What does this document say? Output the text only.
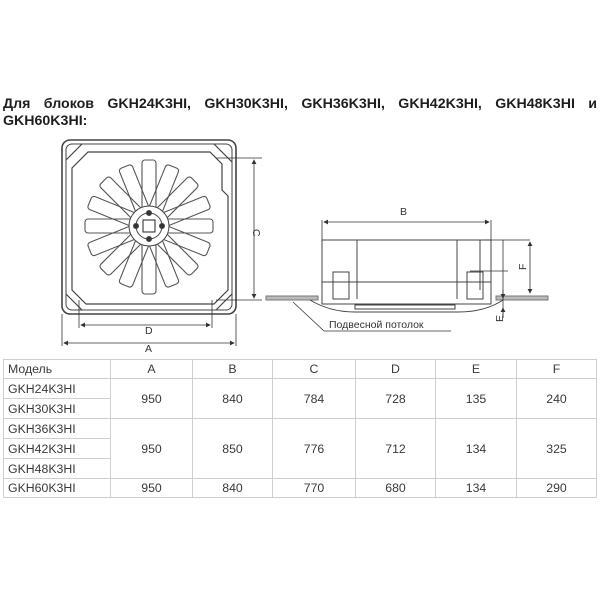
Для блоков GKH24K3HI, GKH30K3HI, GKH36K3HI, GKH42K3HI, GKH48K3HI и
GKH60K3HI:
D
A
C
B
F
E
Подвесной потолок
Модель	A	B	C	D	E	F
GKH24K3HI	950	840	784	728	135	240
GKH30K3HI						
GKH36K3HI	950	850	776	712	134	325
GKH42K3HI						
GKH48K3HI						
GKH60K3HI	950	840	770	680	134	290
